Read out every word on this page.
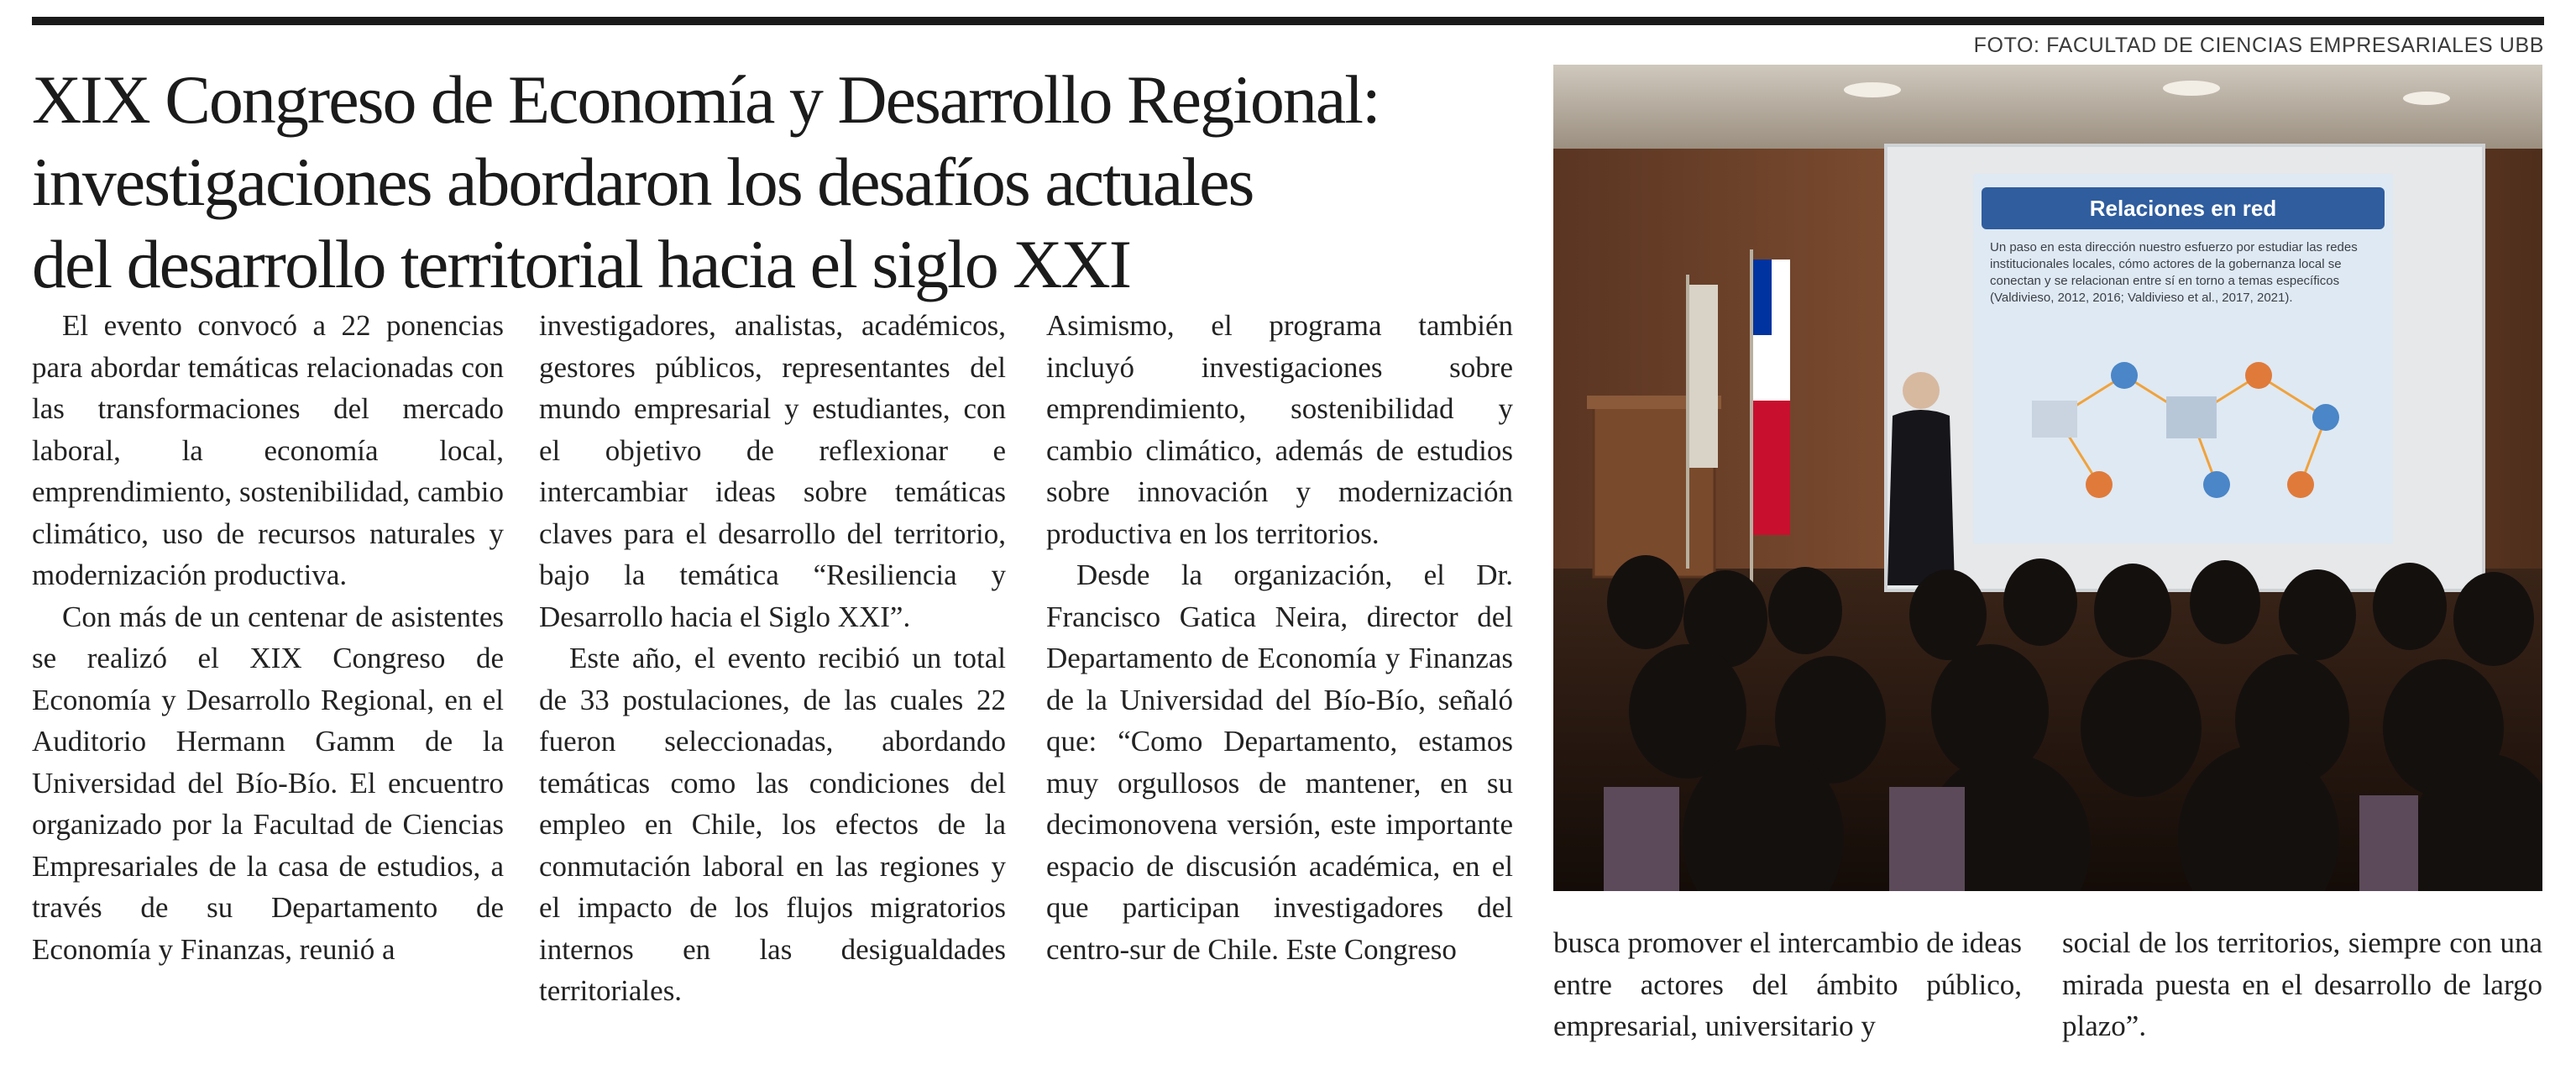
FOTO: FACULTAD DE CIENCIAS EMPRESARIALES UBB
XIX Congreso de Economía y Desarrollo Regional:
investigaciones abordaron los desafíos actuales
del desarrollo territorial hacia el siglo XXI

El evento convocó a 22 ponencias para abordar temáticas relacionadas con las transformaciones del mercado laboral, la economía local, emprendimiento, sostenibilidad, cambio climático, uso de recursos naturales y modernización productiva.

Con más de un centenar de asistentes se realizó el XIX Congreso de Economía y Desarrollo Regional, en el Auditorio Hermann Gamm de la Universidad del Bío-Bío. El encuentro organizado por la Facultad de Ciencias Empresariales de la casa de estudios, a través de su Departamento de Economía y Finanzas, reunió a

investigadores, analistas, académicos, gestores públicos, representantes del mundo empresarial y estudiantes, con el objetivo de reflexionar e intercambiar ideas sobre temáticas claves para el desarrollo del territorio, bajo la temática “Resiliencia y Desarrollo hacia el Siglo XXI”.

Este año, el evento recibió un total de 33 postulaciones, de las cuales 22 fueron seleccionadas, abordando temáticas como las condiciones del empleo en Chile, los efectos de la conmutación laboral en las regiones y el impacto de los flujos migratorios internos en las desigualdades territoriales.

Asimismo, el programa también incluyó investigaciones sobre emprendimiento, sostenibilidad y cambio climático, además de estudios sobre innovación y modernización productiva en los territorios.

Desde la organización, el Dr. Francisco Gatica Neira, director del Departamento de Economía y Finanzas de la Universidad del Bío-Bío, señaló que: “Como Departamento, estamos muy orgullosos de mantener, en su decimonovena versión, este importante espacio de discusión académica, en el que participan investigadores del centro-sur de Chile. Este Congreso	busca promover el intercambio de ideas entre actores del ámbito público, empresarial, universitario y

social de los territorios, siempre con una mirada puesta en el desarrollo de largo plazo”.

Relaciones en red
Un paso en esta dirección nuestro esfuerzo por estudiar las redes institucionales locales, cómo actores de la gobernanza local se conectan y se relacionan entre sí en torno a temas específicos (Valdivieso, 2012, 2016; Valdivieso et al., 2017, 2021).
